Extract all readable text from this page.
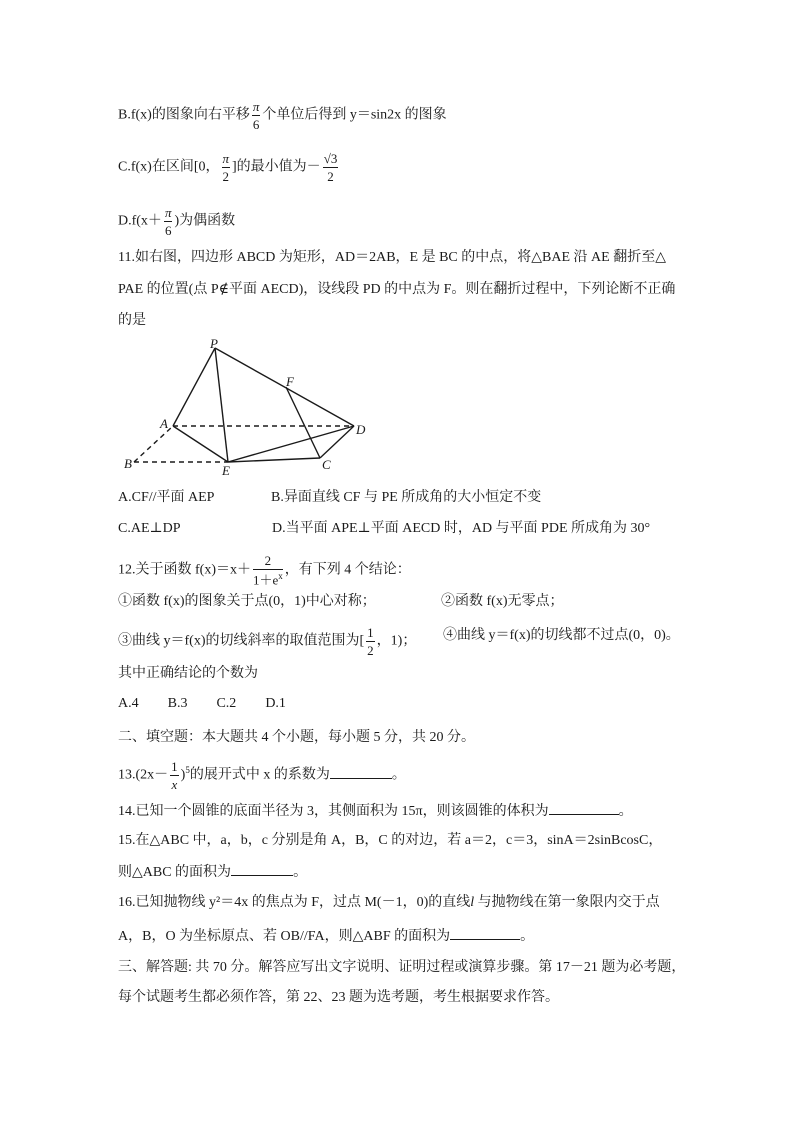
B.f(x)的图象向右平移 $\frac{\pi}{6}$ 个单位后得到 y＝sin2x 的图象
C.f(x)在区间[0， $\frac{\pi}{2}$ ]的最小值为－ $\frac{√3}{2}$
$D.f(x+ \frac{\pi}{6}$ )为偶函数
11.如右图，四边形 ABCD 为矩形，AD＝2AB，E 是 BC 的中点，将△BAE 沿 AE 翻折至△
PAE 的位置(点 P∉平面 AECD)，设线段 PD 的中点为 F。则在翻折过程中，下列论断不正确
的是
P
F
A	D
B	E	C
A.CF//平面 AEP	B.异面直线 CF 与 PE 所成角的大小恒定不变
C.AE⊥DP	D.当平面 APE⊥平面 AECD 时，AD 与平面 PDE 所成角为 30°
12.关于函数 $f(x)=x+ \frac{2}{1+e^x}$ ，有下列 4 个结论：
①函数 f(x)的图象关于点(0，1)中心对称；	②函数 f(x)无零点；
③曲线 y＝f(x)的切线斜率的取值范围为[ $\frac{1}{2}$ ，1)； ④曲线 y＝f(x)的切线都不过点(0，0)。
其中正确结论的个数为
A.4 B.3 C.2 D.1
二、填空题：本大题共 4 个小题，每小题 5 分，共 20 分。
$13.(2x- \frac{1}{x} )^5$的展开式中 x 的系数为	。
14.已知一个圆锥的底面半径为 3，其侧面积为 15π，则该圆锥的体积为	。
15.在△ABC 中，a，b，c 分别是角 A，B，C 的对边，若 a＝2，c＝3，sinA＝2sinBcosC，
则△ABC 的面积为	。
16.已知抛物线 y²＝4x 的焦点为 F，过点 M(－1，0)的直线l 与抛物线在第一象限内交于点
A，B，O 为坐标原点、若 OB//FA，则△ABF 的面积为	。
三、解答题: 共 70 分。解答应写出文字说明、证明过程或演算步骤。第 17－21 题为必考题，
每个试题考生都必须作答，第 22、23 题为选考题，考生根据要求作答。
